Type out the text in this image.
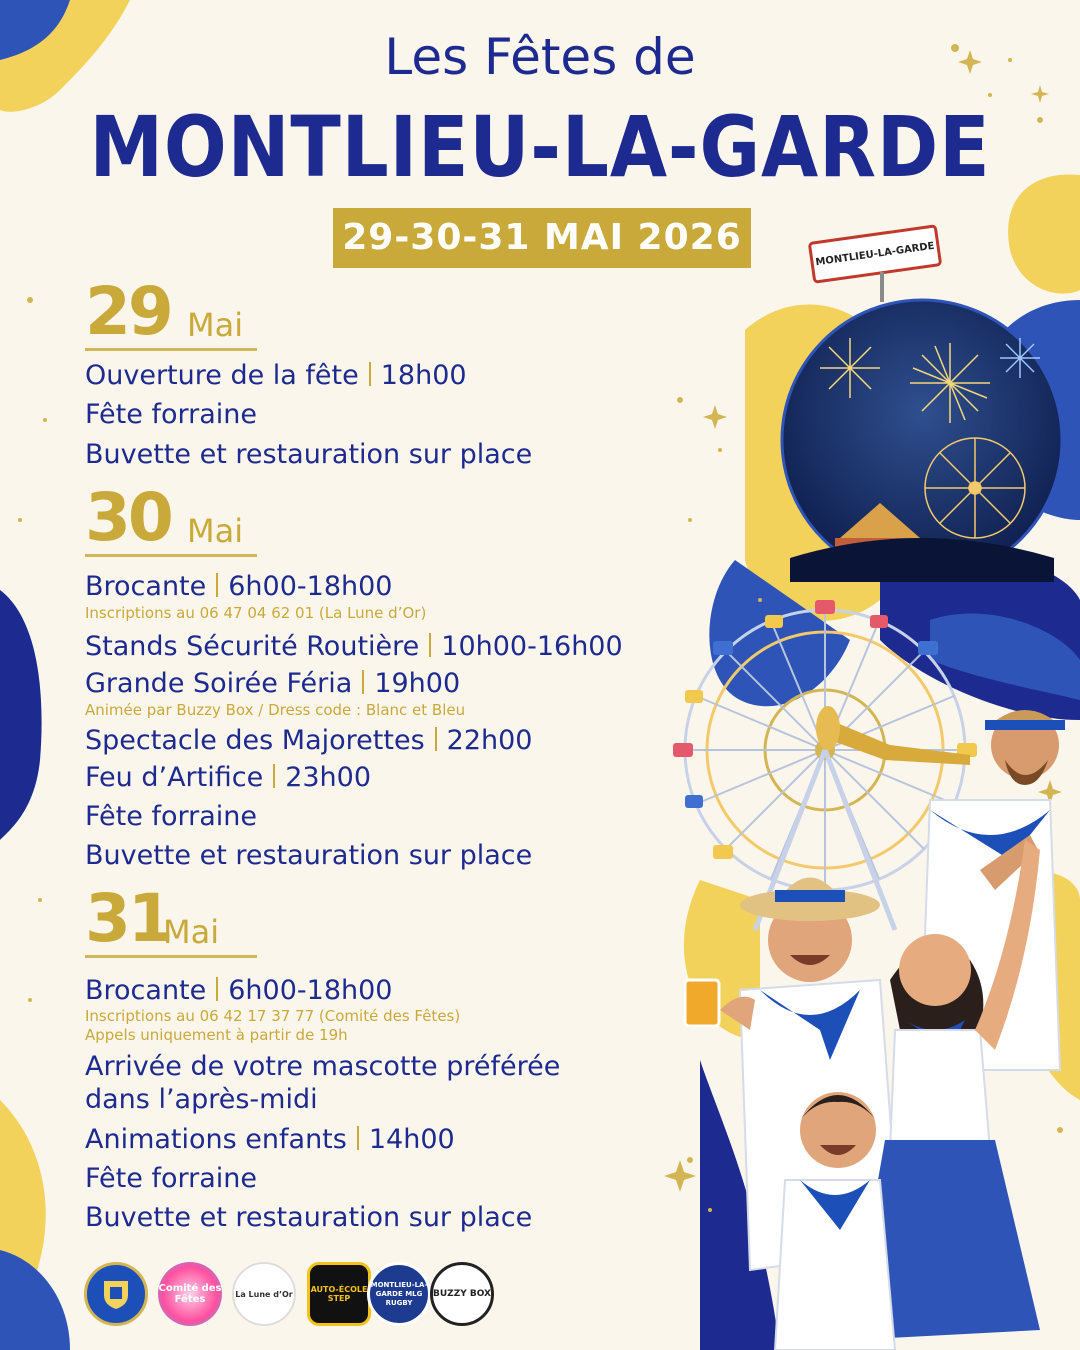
Les Fêtes de
MONTLIEU-LA-GARDE
29-30-31 MAI 2026	MONTLIEU-LA-GARDE
29 Mai
Ouverture de la fête 18h00
Fête forraine
Buvette et restauration sur place
30 Mai
Brocante 6h00-18h00
Inscriptions au 06 47 04 62 01 (La Lune d’Or)
Stands Sécurité Routière 10h00-16h00
Grande Soirée Féria 19h00
Animée par Buzzy Box / Dress code : Blanc et Bleu
Spectacle des Majorettes 22h00
Feu d’Artifice 23h00
Fête forraine
Buvette et restauration sur place
31
Mai
Brocante 6h00-18h00
Inscriptions au 06 42 17 37 77 (Comité des Fêtes)
Appels uniquement à partir de 19h
Arrivée de votre mascotte préférée
dans l’après-midi
Animations enfants 14h00
Fête forraine
Buvette et restauration sur place
Comité des Fêtes	La Lune d’Or AUTO-ÉCOLE STEP
MONTLIEU-LA-GARDE MLG RUGBY
BUZZY BOX
